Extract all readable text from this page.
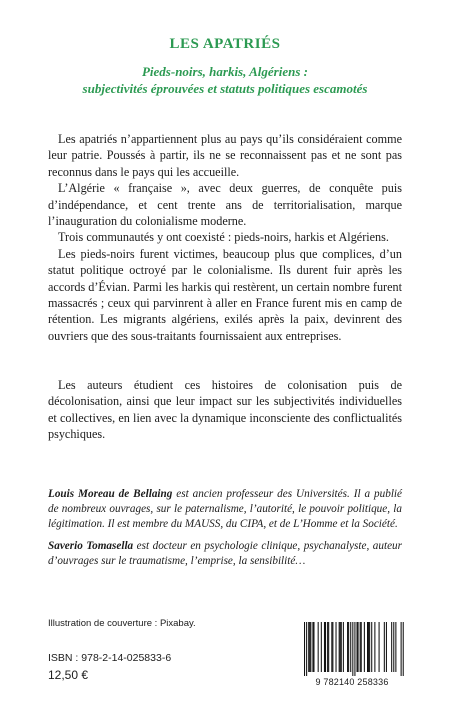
LES APATRIÉS
Pieds-noirs, harkis, Algériens :
subjectivités éprouvées et statuts politiques escamotés

Les apatriés n’appartiennent plus au pays qu’ils considéraient comme leur patrie. Poussés à partir, ils ne se reconnaissent pas et ne sont pas reconnus dans le pays qui les accueille.

L’Algérie « française », avec deux guerres, de conquête puis d’indépendance, et cent trente ans de territorialisation, marque l’inauguration du colonialisme moderne.

Trois communautés y ont coexisté : pieds-noirs, harkis et Algériens.

Les pieds-noirs furent victimes, beaucoup plus que complices, d’un statut politique octroyé par le colonialisme. Ils durent fuir après les accords d’Évian. Parmi les harkis qui restèrent, un certain nombre furent massacrés ; ceux qui parvinrent à aller en France furent mis en camp de rétention. Les migrants algériens, exilés après la paix, devinrent des ouvriers que des sous-traitants fournissaient aux entreprises.

Les auteurs étudient ces histoires de colonisation puis de décolonisation, ainsi que leur impact sur les subjectivités individuelles et collectives, en lien avec la dynamique inconsciente des conflictualités psychiques.

Louis Moreau de Bellaing est ancien professeur des Universités. Il a publié de nombreux ouvrages, sur le paternalisme, l’autorité, le pouvoir politique, la légitimation. Il est membre du MAUSS, du CIPA, et de L’Homme et la Société.

Saverio Tomasella est docteur en psychologie clinique, psychanalyste, auteur d’ouvrages sur le traumatisme, l’emprise, la sensibilité…

Illustration de couverture : Pixabay.
ISBN : 978-2-14-025833-6
12,50 €	9 782140 258336
